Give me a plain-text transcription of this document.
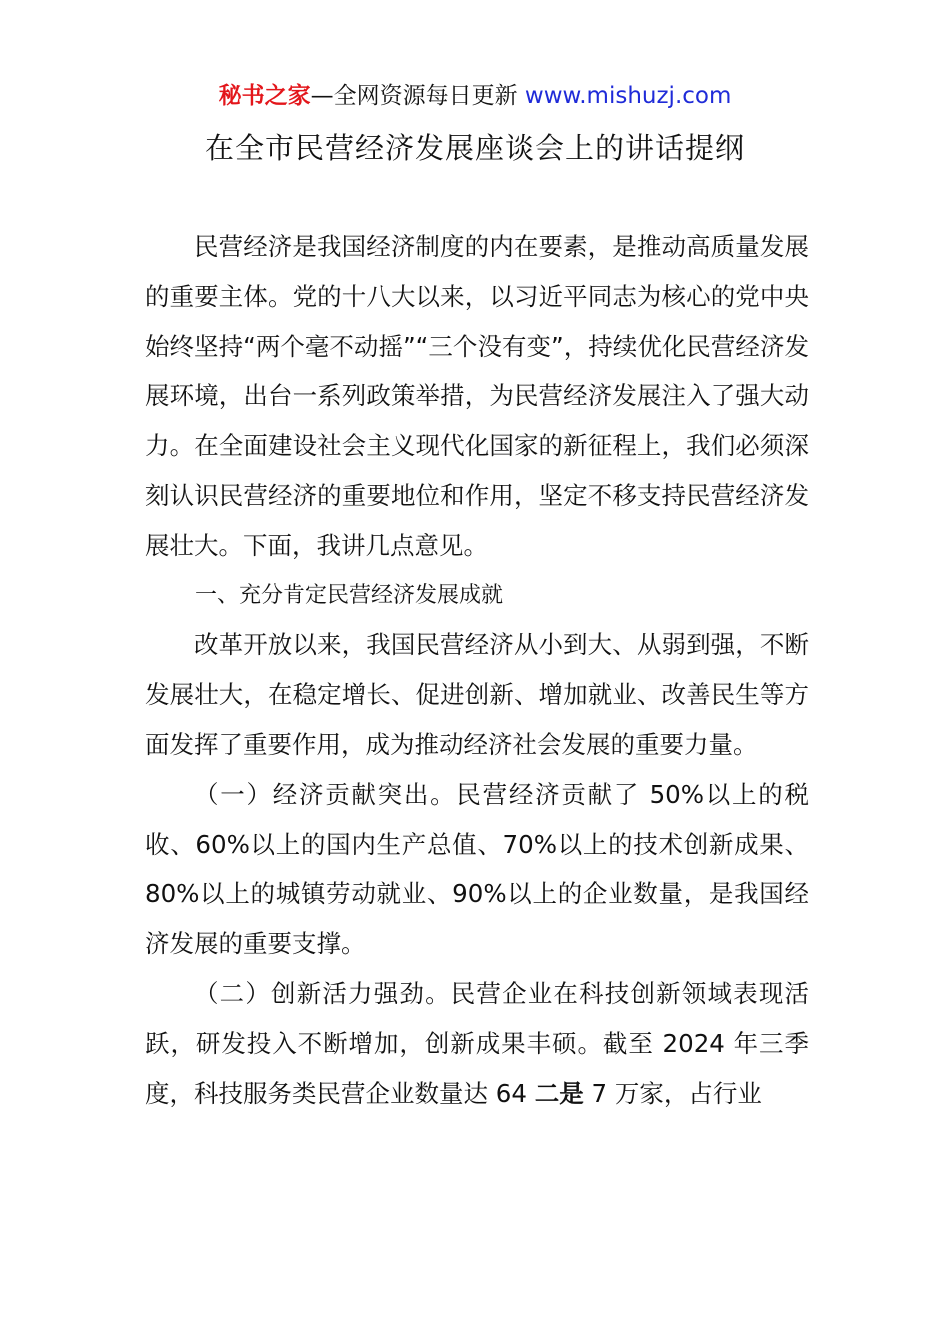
秘书之家—全网资源每日更新 www.mishuzj.com
在全市民营经济发展座谈会上的讲话提纲

民营经济是我国经济制度的内在要素，是推动高质量发展的重要主体。党的十八大以来，以习近平同志为核心的党中央始终坚持“两个毫不动摇”“三个没有变”，持续优化民营经济发展环境，出台一系列政策举措，为民营经济发展注入了强大动力。在全面建设社会主义现代化国家的新征程上，我们必须深刻认识民营经济的重要地位和作用，坚定不移支持民营经济发展壮大。下面，我讲几点意见。

一、充分肯定民营经济发展成就

改革开放以来，我国民营经济从小到大、从弱到强，不断发展壮大，在稳定增长、促进创新、增加就业、改善民生等方面发挥了重要作用，成为推动经济社会发展的重要力量。

（一）经济贡献突出。民营经济贡献了 50%以上的税收、60%以上的国内生产总值、70%以上的技术创新成果、80%以上的城镇劳动就业、90%以上的企业数量，是我国经济发展的重要支撑。

（二）创新活力强劲。民营企业在科技创新领域表现活跃，研发投入不断增加，创新成果丰硕。截至 2024 年三季度，科技服务类民营企业数量达 64 二是 7 万家，占行业
